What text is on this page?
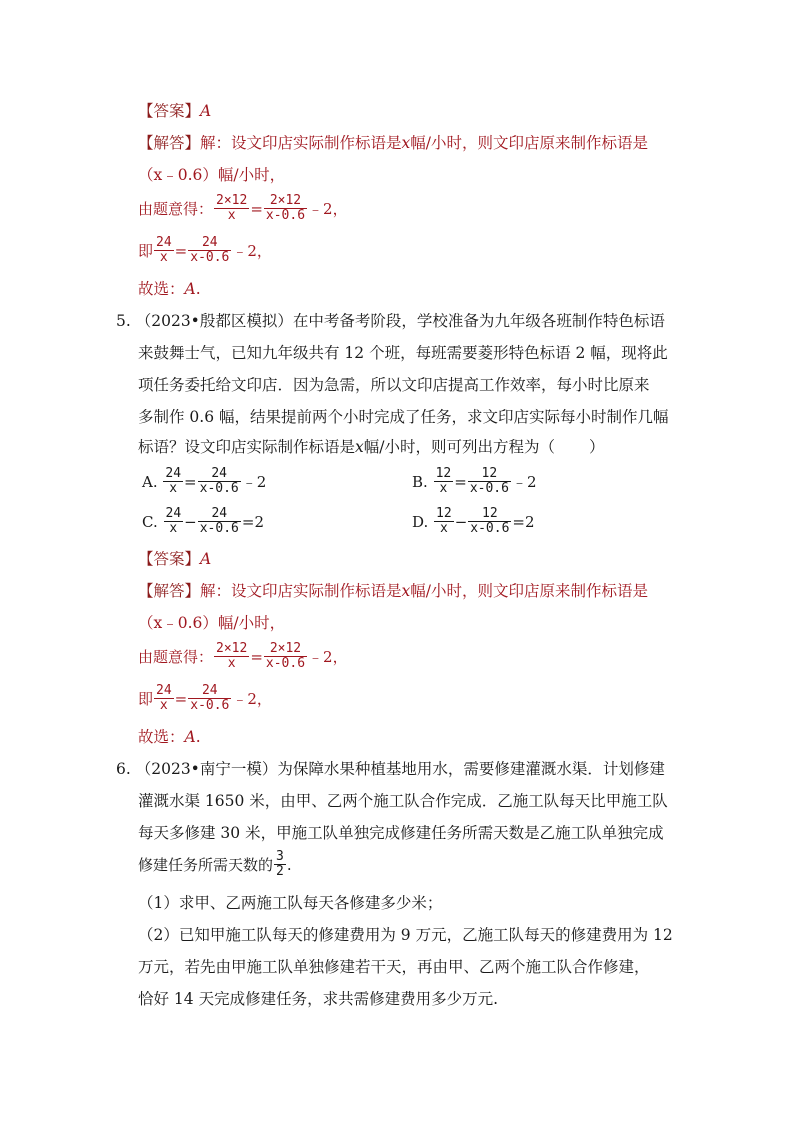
【答案】A
【解答】解：设文印店实际制作标语是x幅/小时，则文印店原来制作标语是
（x﹣0.6）幅/小时，
由题意得： $\frac{2\times 12}{x} = \frac{2\times 12}{x-0.6}$ ﹣2，
即 $\frac{24}{x} = \frac{24}{x-0.6}$ ﹣2，
故选：A.
5. （2023•殷都区模拟）在中考备考阶段，学校准备为九年级各班制作特色标语
来鼓舞士气，已知九年级共有 12 个班，每班需要菱形特色标语 2 幅，现将此
项任务委托给文印店．因为急需，所以文印店提高工作效率，每小时比原来
多制作 0.6 幅，结果提前两个小时完成了任务，求文印店实际每小时制作几幅
标语？设文印店实际制作标语是x幅/小时，则可列出方程为（ ）
A. $\frac{24}{x} = \frac{24}{x-0.6}$ ﹣2	B. $\frac{12}{x} = \frac{12}{x-0.6}$ ﹣2
C. $\frac{24}{x} - \frac{24}{x-0.6} =2$	D. $\frac{12}{x} - \frac{12}{x-0.6} =2$
【答案】A
【解答】解：设文印店实际制作标语是x幅/小时，则文印店原来制作标语是
（x﹣0.6）幅/小时，
由题意得： $\frac{2\times 12}{x} = \frac{2\times 12}{x-0.6}$ ﹣2，
即 $\frac{24}{x} = \frac{24}{x-0.6}$ ﹣2，
故选：A.
6. （2023•南宁一模）为保障水果种植基地用水，需要修建灌溉水渠．计划修建
灌溉水渠 1650 米，由甲、乙两个施工队合作完成．乙施工队每天比甲施工队
每天多修建 30 米，甲施工队单独完成修建任务所需天数是乙施工队单独完成
修建任务所需天数的 $\frac{3}{2}$ .
（1）求甲、乙两施工队每天各修建多少米；
（2）已知甲施工队每天的修建费用为 9 万元，乙施工队每天的修建费用为 12
万元，若先由甲施工队单独修建若干天，再由甲、乙两个施工队合作修建，
恰好 14 天完成修建任务，求共需修建费用多少万元.
